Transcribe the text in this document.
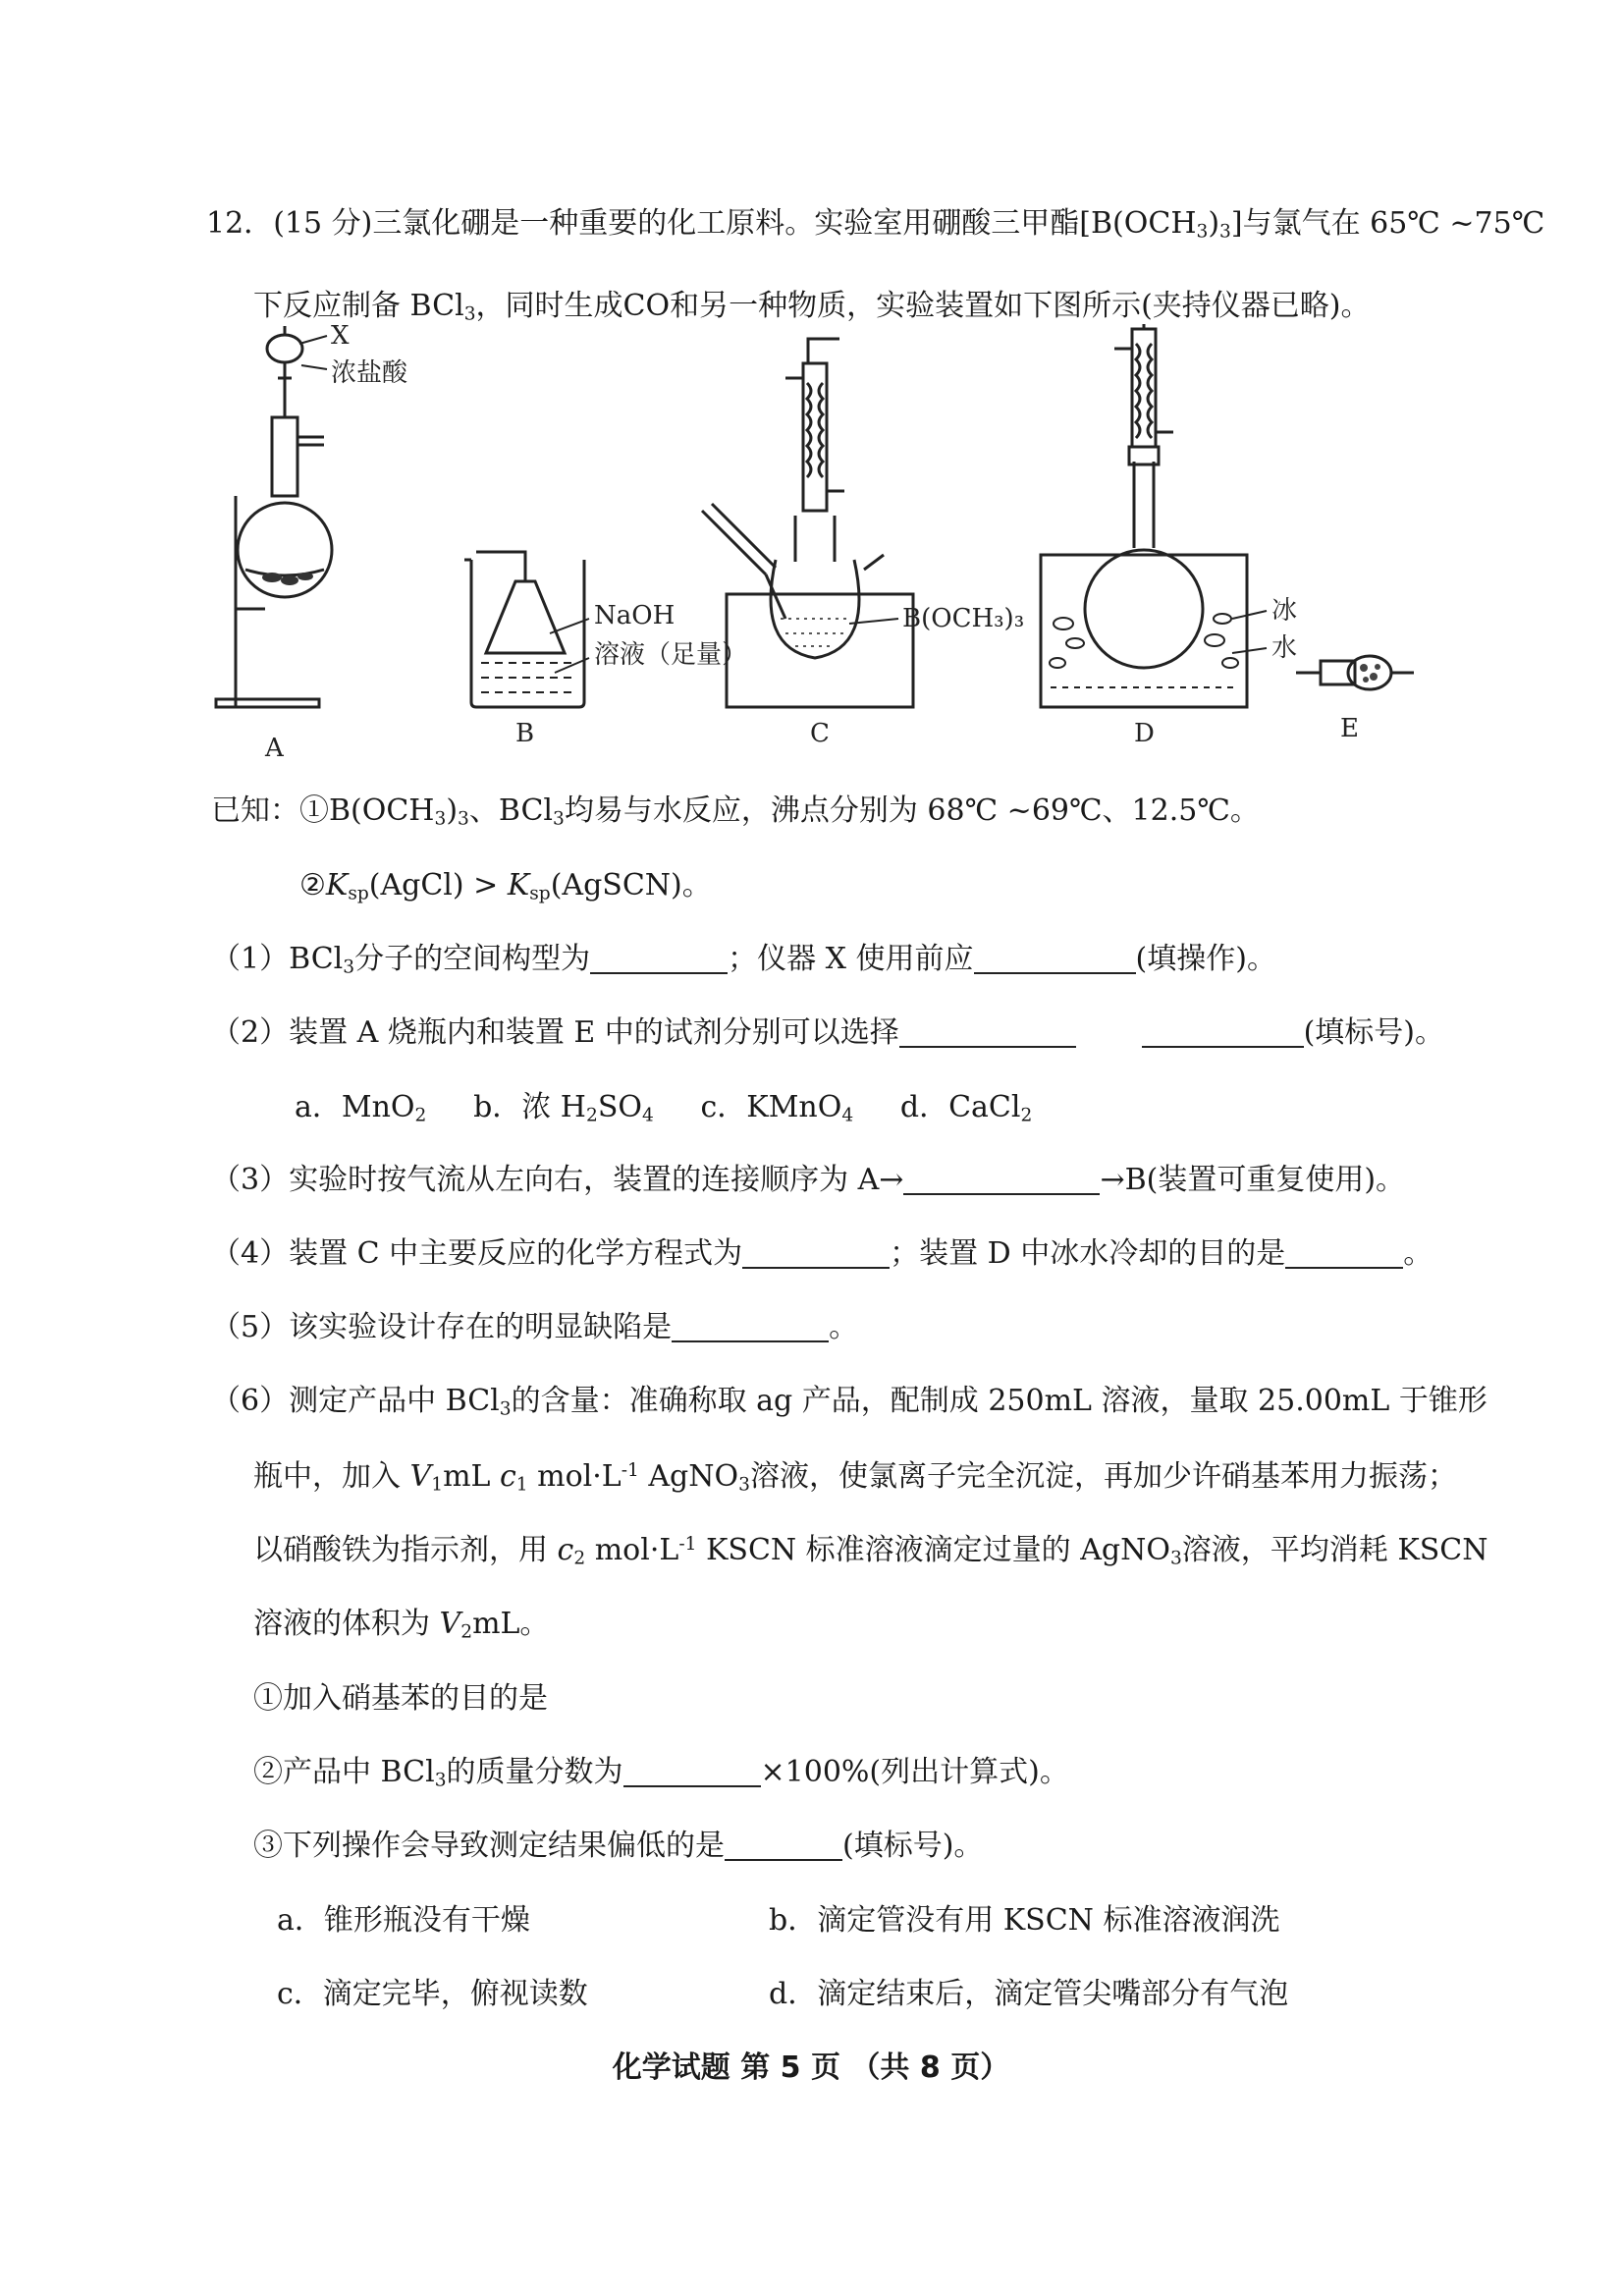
12．(15 分)三氯化硼是一种重要的化工原料。实验室用硼酸三甲酯$[B(OCH_3)_3]$与氯气在 65℃ ~75℃
下反应制备 BCl$_3$，同时生成CO和另一种物质，实验装置如下图所示(夹持仪器已略)。
X
浓盐酸
NaOH
溶液（足量）
B(OCH₃)₃	冰
水
A	B	C	D	E
已知：$①B(OCH_3)_3$、BCl$_3$均易与水反应，沸点分别为 68℃ ~69℃、12.5℃。
$②K_{sp}(AgCl)$ > $K_{sp}(AgSCN)$。
（1）BCl$_3$分子的空间构型为	；仪器 X 使用前应	(填操作)。
（2）装置 A 烧瓶内和装置 E 中的试剂分别可以选择	(填标号)。
a．MnO$_2$ b．浓 $H_2SO_4$ c．KMnO$_4$ d．CaCl$_2$
（3）实验时按气流从左向右，装置的连接顺序为 A→	→B(装置可重复使用)。
（4）装置 C 中主要反应的化学方程式为	；装置 D 中冰水冷却的目的是	。
（5）该实验设计存在的明显缺陷是	。
（6）测定产品中 BCl$_3$的含量：准确称取 ag 产品，配制成 250mL 溶液，量取 25.00mL 于锥形
瓶中，加入 $V_1mL$ $c_1$ $mol\cdot L^{-1}$ AgNO$_3$溶液，使氯离子完全沉淀，再加少许硝基苯用力振荡；
以硝酸铁为指示剂，用 $c_2$ $mol\cdot L^{-1}$ KSCN 标准溶液滴定过量的 AgNO$_3$溶液，平均消耗 KSCN
溶液的体积为 $V_2mL$。
①加入硝基苯的目的是
②产品中 BCl$_3$的质量分数为	×100%(列出计算式)。
③下列操作会导致测定结果偏低的是	(填标号)。
a．锥形瓶没有干燥	b．滴定管没有用 KSCN 标准溶液润洗
c．滴定完毕，俯视读数	d．滴定结束后，滴定管尖嘴部分有气泡
化学试题 第 5 页 （共 8 页）
